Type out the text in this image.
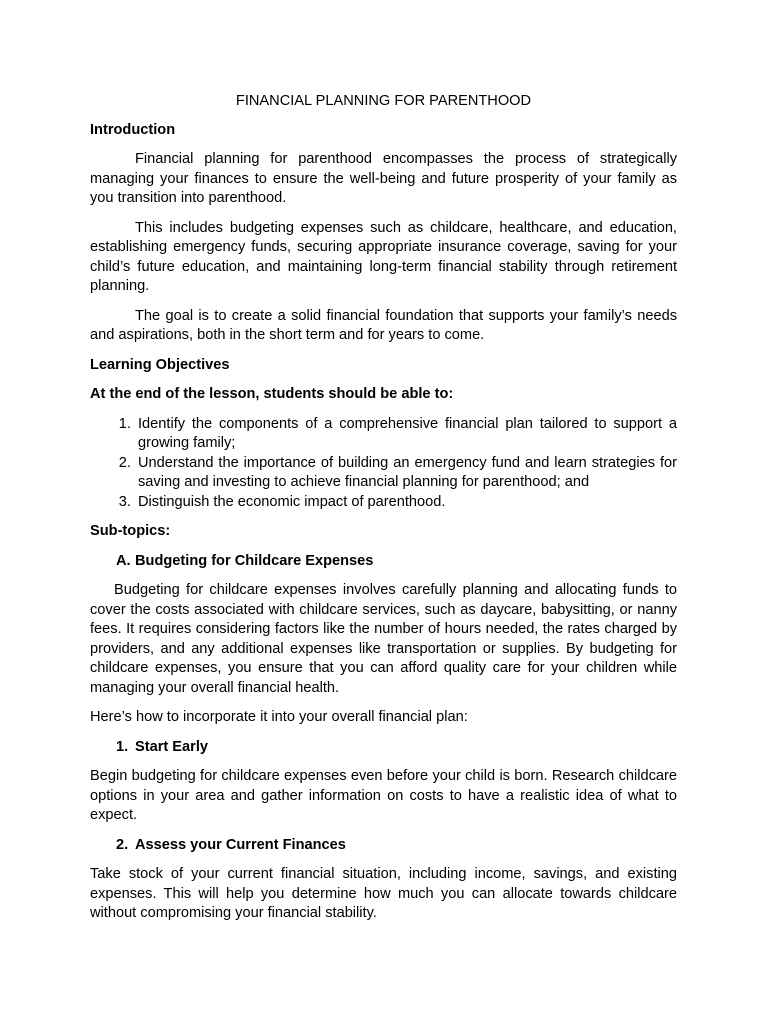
FINANCIAL PLANNING FOR PARENTHOOD
Introduction

Financial planning for parenthood encompasses the process of strategically managing your finances to ensure the well-being and future prosperity of your family as you transition into parenthood.

This includes budgeting expenses such as childcare, healthcare, and education, establishing emergency funds, securing appropriate insurance coverage, saving for your child’s future education, and maintaining long-term financial stability through retirement planning.

The goal is to create a solid financial foundation that supports your family’s needs and aspirations, both in the short term and for years to come.

Learning Objectives
At the end of the lesson, students should be able to:
1. Identify the components of a comprehensive financial plan tailored to support a growing family;
2. Understand the importance of building an emergency fund and learn strategies for saving and investing to achieve financial planning for parenthood; and
3. Distinguish the economic impact of parenthood.
Sub-topics:
A. Budgeting for Childcare Expenses

Budgeting for childcare expenses involves carefully planning and allocating funds to cover the costs associated with childcare services, such as daycare, babysitting, or nanny fees. It requires considering factors like the number of hours needed, the rates charged by providers, and any additional expenses like transportation or supplies. By budgeting for childcare expenses, you ensure that you can afford quality care for your children while managing your overall financial health.

Here’s how to incorporate it into your overall financial plan:

1. Start Early

Begin budgeting for childcare expenses even before your child is born. Research childcare options in your area and gather information on costs to have a realistic idea of what to expect.

2. Assess your Current Finances

Take stock of your current financial situation, including income, savings, and existing expenses. This will help you determine how much you can allocate towards childcare without compromising your financial stability.
